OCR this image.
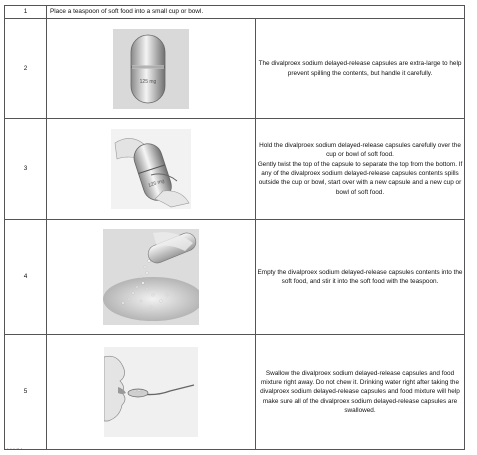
1	Place a teaspoon of soft food into a small cup or bowl.	
2	125 mg	The divalproex sodium delayed-release capsules are extra-large to help prevent spilling the contents, but handle it carefully.
3	125 mg	Hold the divalproex sodium delayed-release capsules carefully over the cup or bowl of soft food.
Gently twist the top of the capsule to separate the top from the bottom. If any of the divalproex sodium delayed-release capsules contents spills outside the cup or bowl, start over with a new capsule and a new cup or bowl of soft food.

4		Empty the divalproex sodium delayed-release capsules contents into the soft food, and stir it into the soft food with the teaspoon.
5		Swallow the divalproex sodium delayed-release capsules and food mixture right away. Do not chew it. Drinking water right after taking the divalproex sodium delayed-release capsules and food mixture will help make sure all of the divalproex sodium delayed-release capsules are swallowed.
· · · · ·· ·
